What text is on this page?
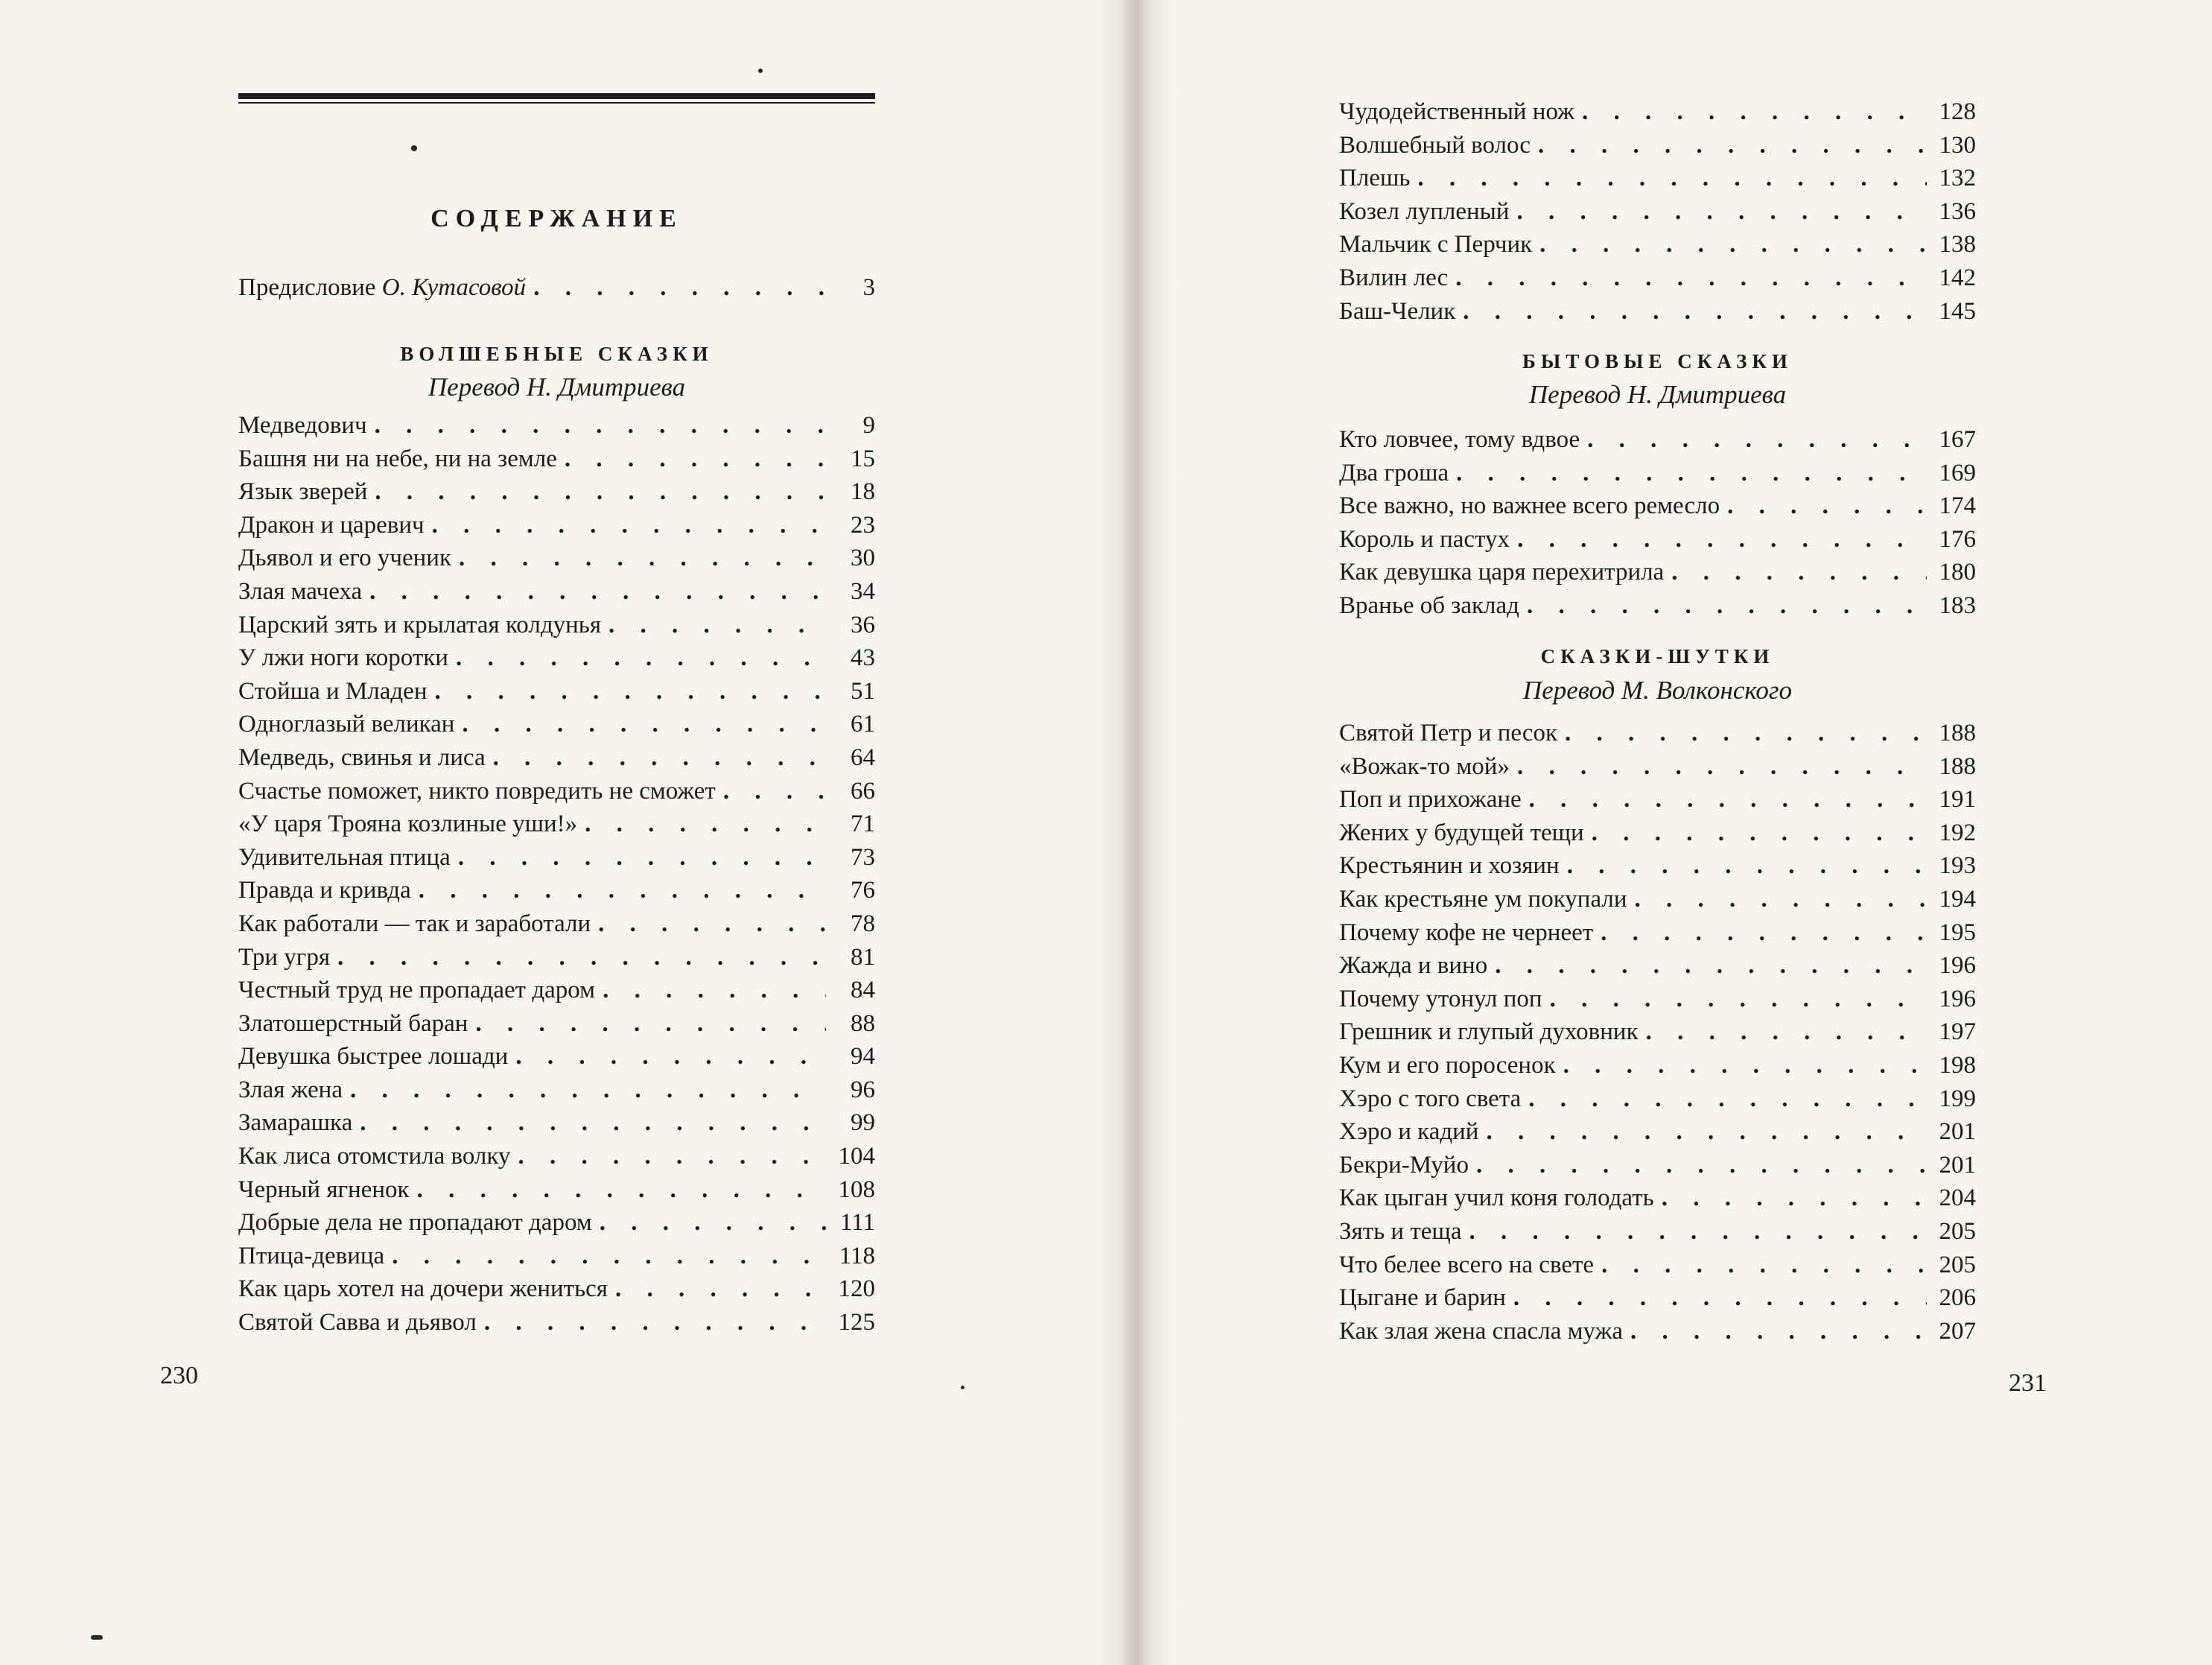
СОДЕРЖАНИЕ
Предисловие О. Кутасовой . . .	3
ВОЛШЕБНЫЕ СКАЗКИ
Перевод Н. Дмитриева
Медведович . . .	9
Башня ни на небе, ни на земле . . .	15
Язык зверей . . .	18
Дракон и царевич . . .	23
Дьявол и его ученик . . .	30
Злая мачеха . . .	34
Царский зять и крылатая колдунья . . .	36
У лжи ноги коротки . . .	43
Стойша и Младен . . .	51
Одноглазый великан . . .	61
Медведь, свинья и лиса . . .	64
Счастье поможет, никто повредить не сможет . . .	66
«У царя Трояна козлиные уши!» . . .	71
Удивительная птица . . .	73
Правда и кривда . . .	76
Как работали — так и заработали . . .	78
Три угря . . .	81
Честный труд не пропадает даром . . .	84
Златошерстный баран . . .	88
Девушка быстрее лошади . . .	94
Злая жена . . .	96
Замарашка . . .	99
Как лиса отомстила волку . . .	104
Черный ягненок . . .	108
Добрые дела не пропадают даром . . .	111
Птица-девица . . .	118
Как царь хотел на дочери жениться . . .	120
Святой Савва и дьявол . . .	125
230
Чудодейственный нож . . .	128
Волшебный волос . . .	130
Плешь . . .	132
Козел лупленый . . .	136
Мальчик с Перчик . . .	138
Вилин лес . . .	142
Баш-Челик . . .	145
БЫТОВЫЕ СКАЗКИ
Перевод Н. Дмитриева
Кто ловчее, тому вдвое . . .	167
Два гроша . . .	169
Все важно, но важнее всего ремесло . . .	174
Король и пастух . . .	176
Как девушка царя перехитрила . . .	180
Вранье об заклад . . .	183
СКАЗКИ-ШУТКИ
Перевод М. Волконского
Святой Петр и песок . . .	188
«Вожак-то мой» . . .	188
Поп и прихожане . . .	191
Жених у будущей тещи . . .	192
Крестьянин и хозяин . . .	193
Как крестьяне ум покупали . . .	194
Почему кофе не чернеет . . .	195
Жажда и вино . . .	196
Почему утонул поп . . .	196
Грешник и глупый духовник . . .	197
Кум и его поросенок . . .	198
Хэро с того света . . .	199
Хэро и кадий . . .	201
Бекри-Муйо . . .	201
Как цыган учил коня голодать . . .	204
Зять и теща . . .	205
Что белее всего на свете . . .	205
Цыгане и барин . . .	206
Как злая жена спасла мужа . . .	207
231
